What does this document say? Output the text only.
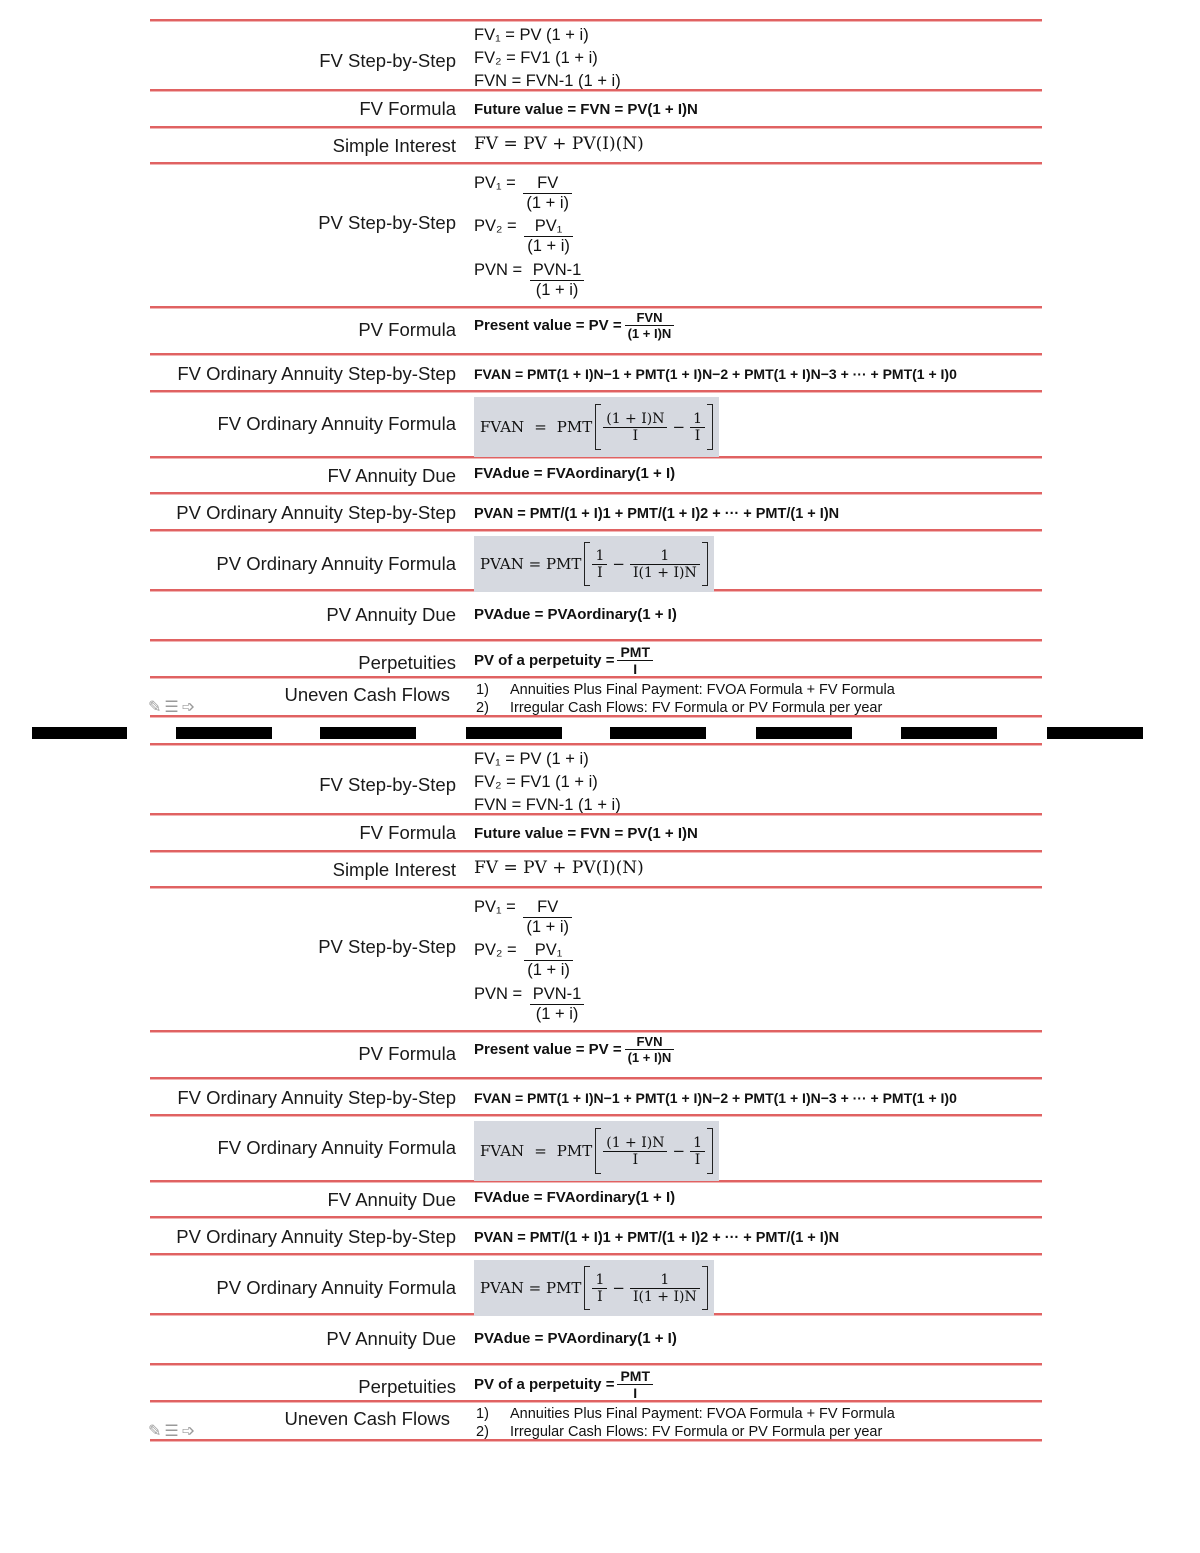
FV Step-by-Step
FV₁ = PV (1 + i)
FV₂ = FV1 (1 + i)
FVN = FVN-1 (1 + i)
FV Formula Future value = FVN = PV(1 + I)N
Simple Interest FV = PV + PV(I)(N)
PV Step-by-Step
$PV_1 = \frac{FV}{(1 + i)}$
$PV_2 = \frac{\text{PV₁}}{(1 + i)}$
PVN = $\frac{\text{PVN-1}}{(1 + i)}$
PV Formula Present value = PV = $\frac{\text{FVN}}{(1 + I)N}$
FV Ordinary Annuity Step-by-Step FVAN = PMT(1 + I)N−1 + PMT(1 + I)N−2 + PMT(1 + I)N−3 + ··· + PMT(1 + I)0
FV Ordinary Annuity Formula FVAN = PMT $\frac{(1 + I)N}{I} - \frac{1}{I}$
FV Annuity Due FVAdue = FVAordinary(1 + I)
PV Ordinary Annuity Step-by-Step PVAN = PMT/(1 + I)1 + PMT/(1 + I)2 + ··· + PMT/(1 + I)N
PV Ordinary Annuity Formula PVAN = PMT $\frac{1}{I} - \frac{1}{I(1 + I)N}$
PV Annuity Due PVAdue = PVAordinary(1 + I)
Perpetuities PV of a perpetuity = $\frac{\text{PMT}}{I}$
Uneven Cash Flows 1) Annuities Plus Final Payment: FVOA Formula + FV Formula
2) Irregular Cash Flows: FV Formula or PV Formula per year
✎☰➩
FV Step-by-Step
FV₁ = PV (1 + i)
FV₂ = FV1 (1 + i)
FVN = FVN-1 (1 + i)
FV Formula Future value = FVN = PV(1 + I)N
Simple Interest FV = PV + PV(I)(N)
PV Step-by-Step
$PV_1 = \frac{FV}{(1 + i)}$
$PV_2 = \frac{\text{PV₁}}{(1 + i)}$
PVN = $\frac{\text{PVN-1}}{(1 + i)}$
PV Formula Present value = PV = $\frac{\text{FVN}}{(1 + I)N}$
FV Ordinary Annuity Step-by-Step FVAN = PMT(1 + I)N−1 + PMT(1 + I)N−2 + PMT(1 + I)N−3 + ··· + PMT(1 + I)0
FV Ordinary Annuity Formula FVAN = PMT $\frac{(1 + I)N}{I} - \frac{1}{I}$
FV Annuity Due FVAdue = FVAordinary(1 + I)
PV Ordinary Annuity Step-by-Step PVAN = PMT/(1 + I)1 + PMT/(1 + I)2 + ··· + PMT/(1 + I)N
PV Ordinary Annuity Formula PVAN = PMT $\frac{1}{I} - \frac{1}{I(1 + I)N}$
PV Annuity Due PVAdue = PVAordinary(1 + I)
Perpetuities PV of a perpetuity = $\frac{\text{PMT}}{I}$
Uneven Cash Flows 1) Annuities Plus Final Payment: FVOA Formula + FV Formula
2) Irregular Cash Flows: FV Formula or PV Formula per year
✎☰➩
